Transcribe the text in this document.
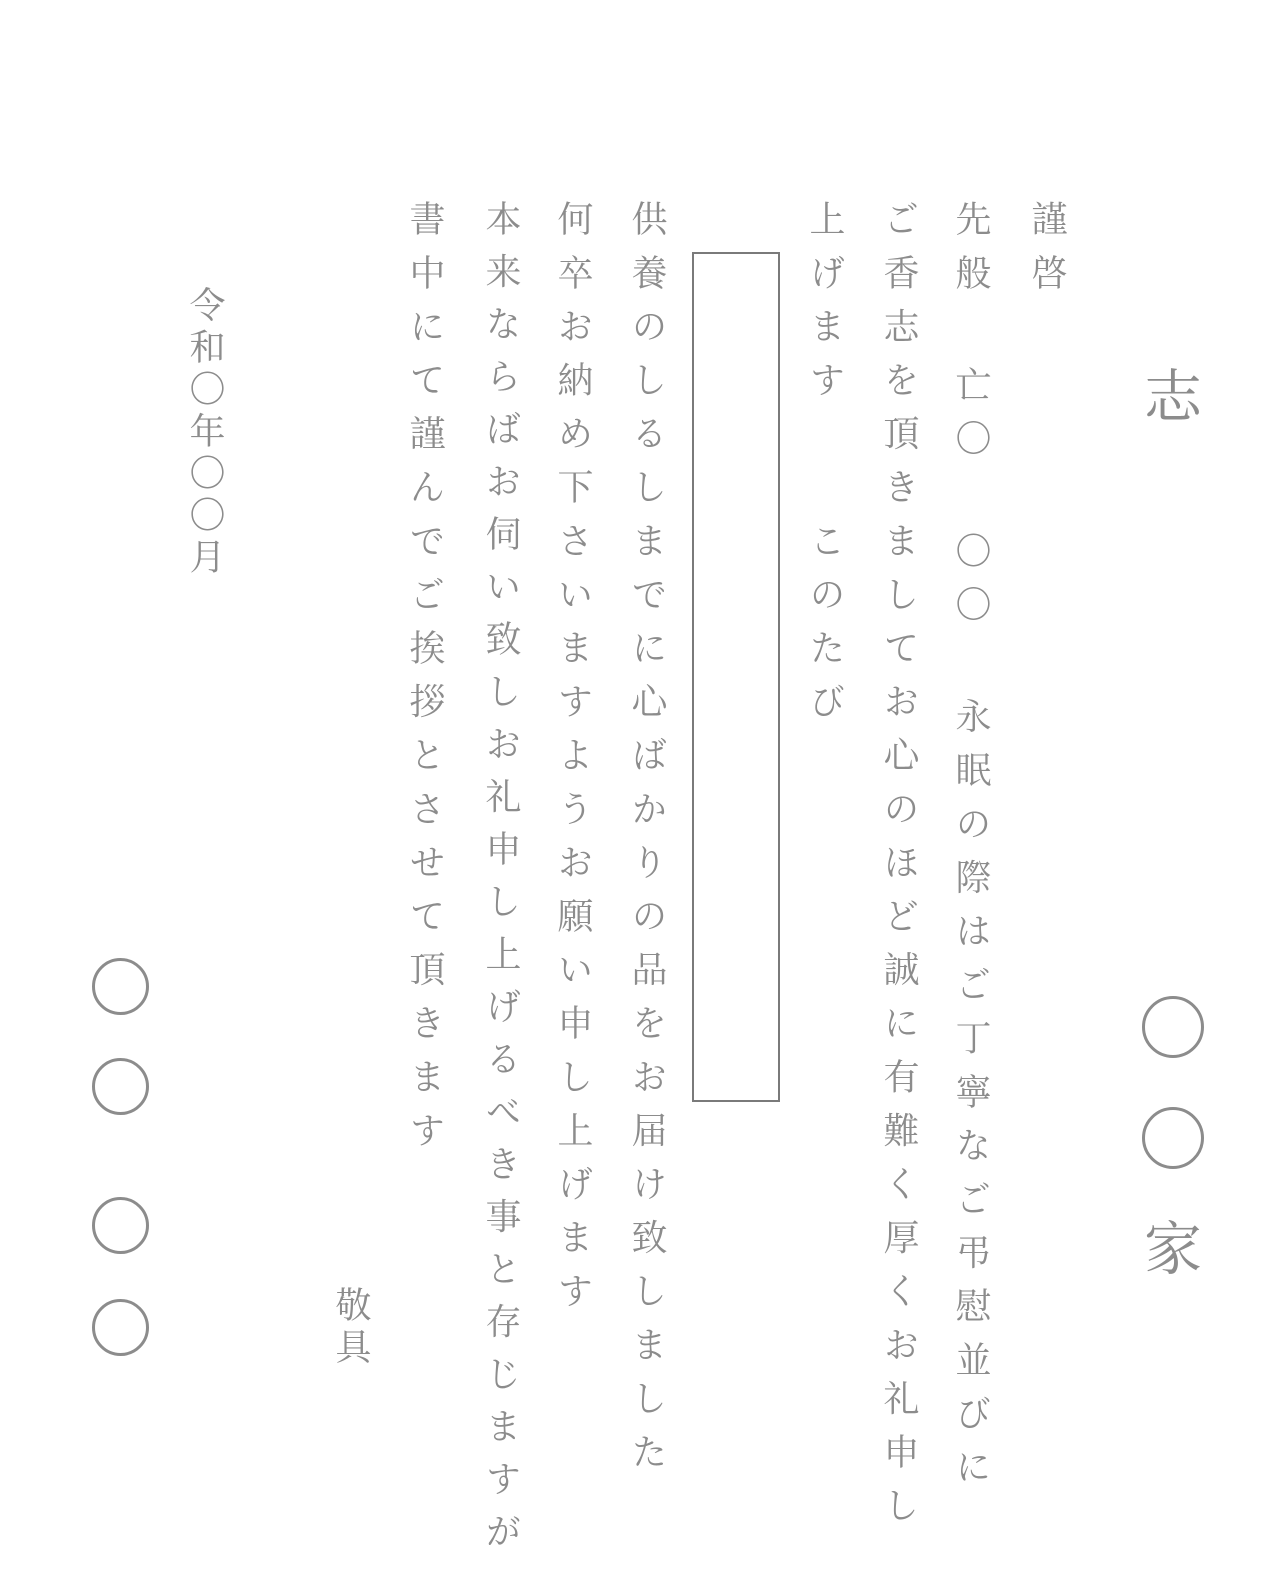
志
家
謹啓
先般 亡〇 〇〇 永眠の際はご丁寧なご弔慰並びに
ご香志を頂きましてお心のほど誠に有難く厚くお礼申し
上げます　　このたび
供養のしるしまでに心ばかりの品をお届け致しました
何卒お納め下さいますようお願い申し上げます
本来ならばお伺い致しお礼申し上げるべき事と存じますが
書中にて謹んでご挨拶とさせて頂きます
敬具
令和〇年〇〇月
